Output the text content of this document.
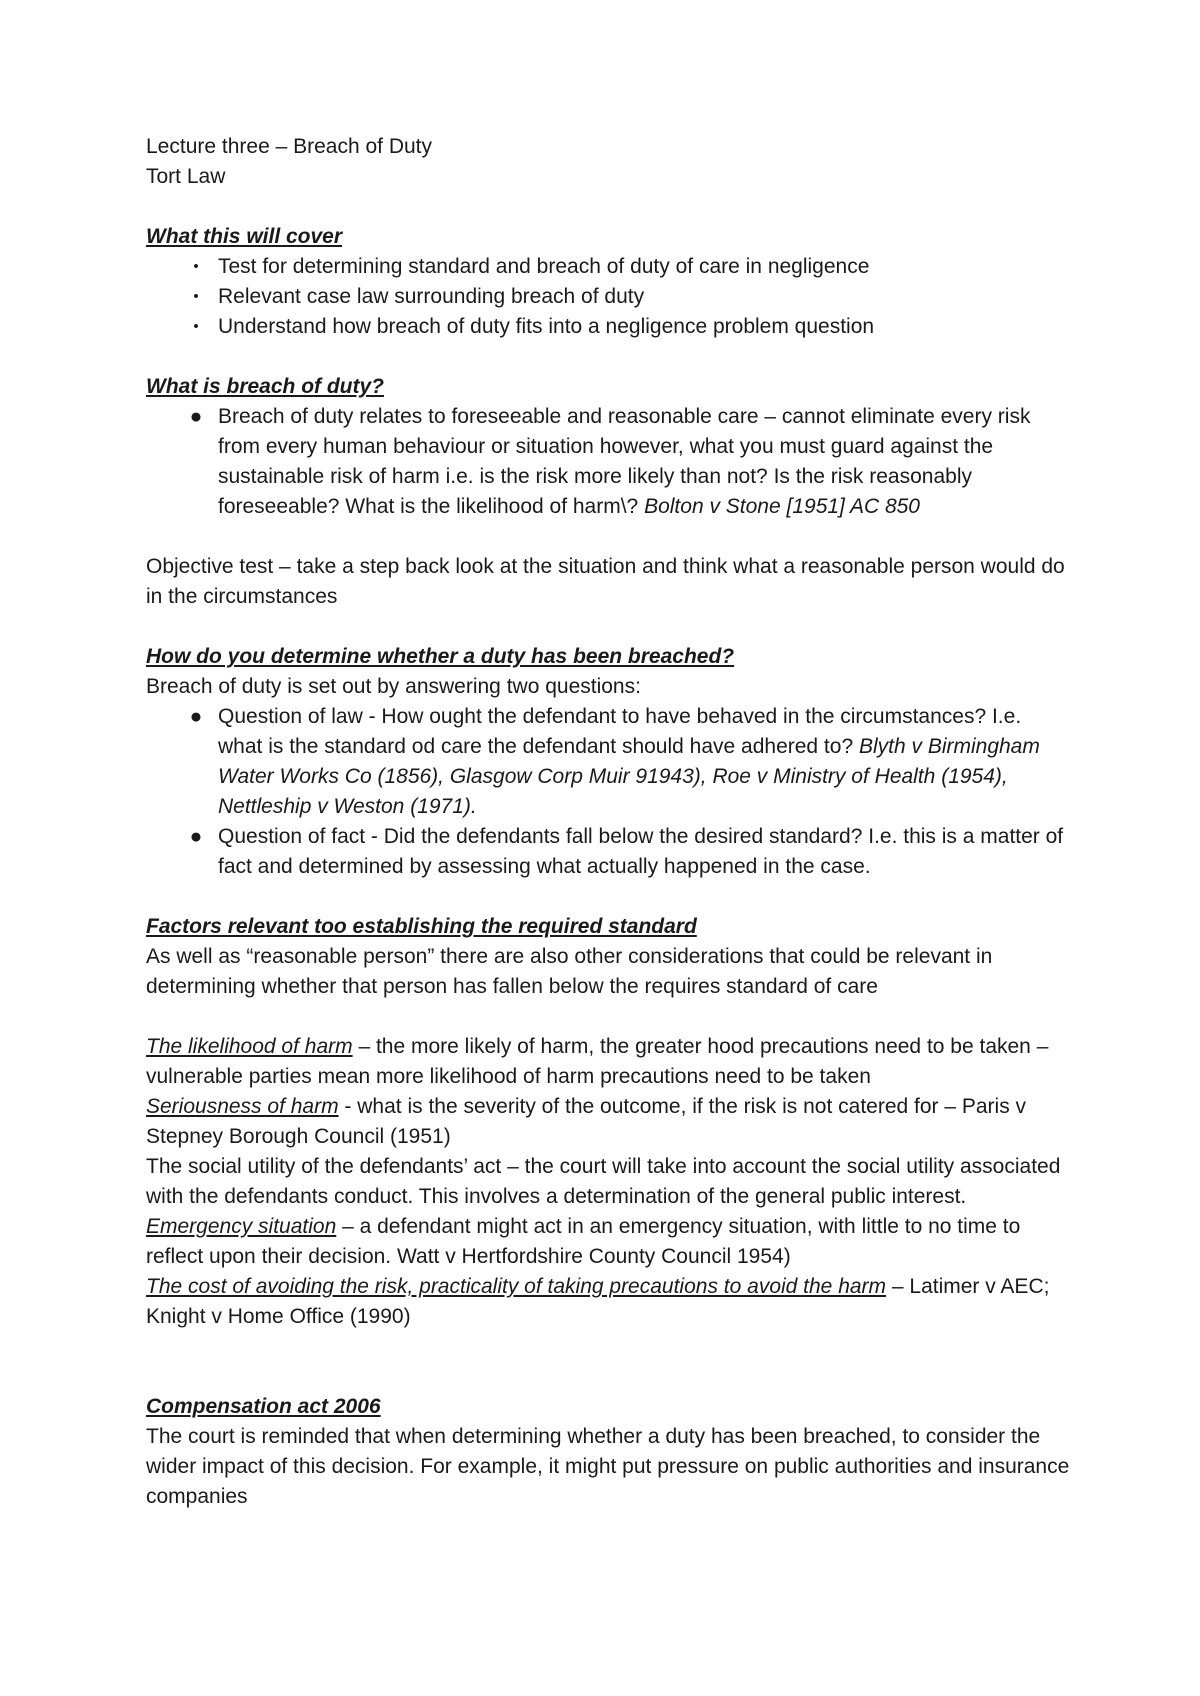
Lecture three – Breach of Duty

Tort Law

What this will cover

• Test for determining standard and breach of duty of care in negligence
• Relevant case law surrounding breach of duty
• Understand how breach of duty fits into a negligence problem question

What is breach of duty?

● Breach of duty relates to foreseeable and reasonable care – cannot eliminate every risk from every human behaviour or situation however, what you must guard against the sustainable risk of harm i.e. is the risk more likely than not? Is the risk reasonably foreseeable? What is the likelihood of harm\? Bolton v Stone [1951] AC 850

Objective test – take a step back look at the situation and think what a reasonable person would do in the circumstances

How do you determine whether a duty has been breached?

Breach of duty is set out by answering two questions:

● Question of law - How ought the defendant to have behaved in the circumstances? I.e. what is the standard od care the defendant should have adhered to? Blyth v Birmingham Water Works Co (1856), Glasgow Corp Muir 91943), Roe v Ministry of Health (1954), Nettleship v Weston (1971).
● Question of fact - Did the defendants fall below the desired standard? I.e. this is a matter of fact and determined by assessing what actually happened in the case.

Factors relevant too establishing the required standard

As well as “reasonable person” there are also other considerations that could be relevant in determining whether that person has fallen below the requires standard of care

The likelihood of harm – the more likely of harm, the greater hood precautions need to be taken – vulnerable parties mean more likelihood of harm precautions need to be taken

Seriousness of harm - what is the severity of the outcome, if the risk is not catered for – Paris v Stepney Borough Council (1951)

The social utility of the defendants’ act – the court will take into account the social utility associated with the defendants conduct. This involves a determination of the general public interest.

Emergency situation – a defendant might act in an emergency situation, with little to no time to reflect upon their decision. Watt v Hertfordshire County Council 1954)

The cost of avoiding the risk, practicality of taking precautions to avoid the harm – Latimer v AEC; Knight v Home Office (1990)

Compensation act 2006

The court is reminded that when determining whether a duty has been breached, to consider the wider impact of this decision. For example, it might put pressure on public authorities and insurance companies
